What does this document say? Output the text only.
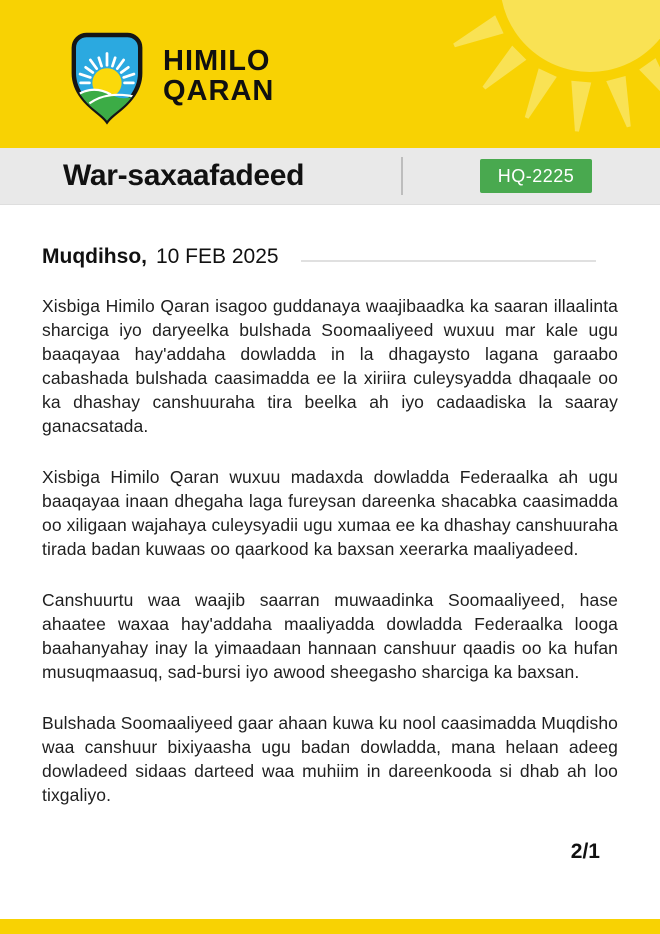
HIMILO
QARAN
War-saxaafadeed	HQ-2225
Muqdihso, 10 FEB 2025

Xisbiga Himilo Qaran isagoo guddanaya waajibaadka ka saaran illaalinta sharciga iyo daryeelka bulshada Soomaaliyeed wuxuu mar kale ugu baaqayaa hay'addaha dowladda in la dhagaysto lagana garaabo cabashada bulshada caasimadda ee la xiriira culeysyadda dhaqaale oo ka dhashay canshuuraha tira beelka ah iyo cadaadiska la saaray ganacsatada.

Xisbiga Himilo Qaran wuxuu madaxda dowladda Federaalka ah ugu baaqayaa inaan dhegaha laga fureysan dareenka shacabka caasimadda oo xiligaan wajahaya culeysyadii ugu xumaa ee ka dhashay canshuuraha tirada badan kuwaas oo qaarkood ka baxsan xeerarka maaliyadeed.

Canshuurtu waa waajib saarran muwaadinka Soomaaliyeed, hase ahaatee waxaa hay'addaha maaliyadda dowladda Federaalka looga baahanyahay inay la yimaadaan hannaan canshuur qaadis oo ka hufan musuqmaasuq, sad-bursi iyo awood sheegasho sharciga ka baxsan.

Bulshada Soomaaliyeed gaar ahaan kuwa ku nool caasimadda Muqdisho waa canshuur bixiyaasha ugu badan dowladda, mana helaan adeeg dowladeed sidaas darteed waa muhiim in dareenkooda si dhab ah loo tixgaliyo.

2/1
